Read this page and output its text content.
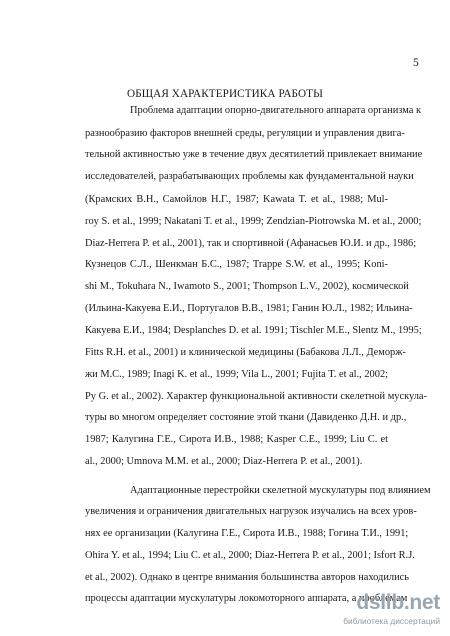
5
ОБЩАЯ ХАРАКТЕРИСТИКА РАБОТЫ
Проблема адаптации опорно-двигательного аппарата организма к
разнообразию факторов внешней среды, регуляции и управления двига-
тельной активностью уже в течение двух десятилетий привлекает внимание
исследователей, разрабатывающих проблемы как фундаментальной науки
(Крамских В.Н., Самойлов Н.Г., 1987; Kawata T. et al., 1988; Mul-
roy S. et al., 1999; Nakatani T. et al., 1999; Zendzian-Piotrowska M. et al., 2000;
Diaz-Herrera P. et al., 2001), так и спортивной (Афанасьев Ю.И. и др., 1986;
Кузнецов С.Л., Шенкман Б.С., 1987; Trappe S.W. et al., 1995; Koni-
shi M., Tokuhara N., Iwamoto S., 2001; Thompson L.V., 2002), космической
(Ильина-Какуева Е.И., Португалов В.В., 1981; Ганин Ю.Л., 1982; Ильина-
Какуева Е.И., 1984; Desplanches D. et al. 1991; Tischler M.E., Slentz M., 1995;
Fitts R.H. et al., 2001) и клинической медицины (Бабакова Л.Л., Деморж-
жи М.С., 1989; Inagi K. et al., 1999; Vila L., 2001; Fujita T. et al., 2002;
Py G. et al., 2002). Характер функциональной активности скелетной мускула-
туры во многом определяет состояние этой ткани (Давиденко Д.Н. и др.,
1987; Калугина Г.Е., Сирота И.В., 1988; Kasper C.E., 1999; Liu C. et
al., 2000; Umnova M.M. et al., 2000; Diaz-Herrera P. et al., 2001).
Адаптационные перестройки скелетной мускулатуры под влиянием
увеличения и ограничения двигательных нагрузок изучались на всех уров-
нях ее организации (Калугина Г.Е., Сирота И.В., 1988; Гогина Т.И., 1991;
Ohira Y. et al., 1994; Liu C. et al., 2000; Diaz-Herrera P. et al., 2001; Isfort R.J.
et al., 2002). Однако в центре внимания большинства авторов находились
процессы адаптации мускулатуры локомоторного аппарата, а проблемам
dslib.net
библиотека диссертаций
